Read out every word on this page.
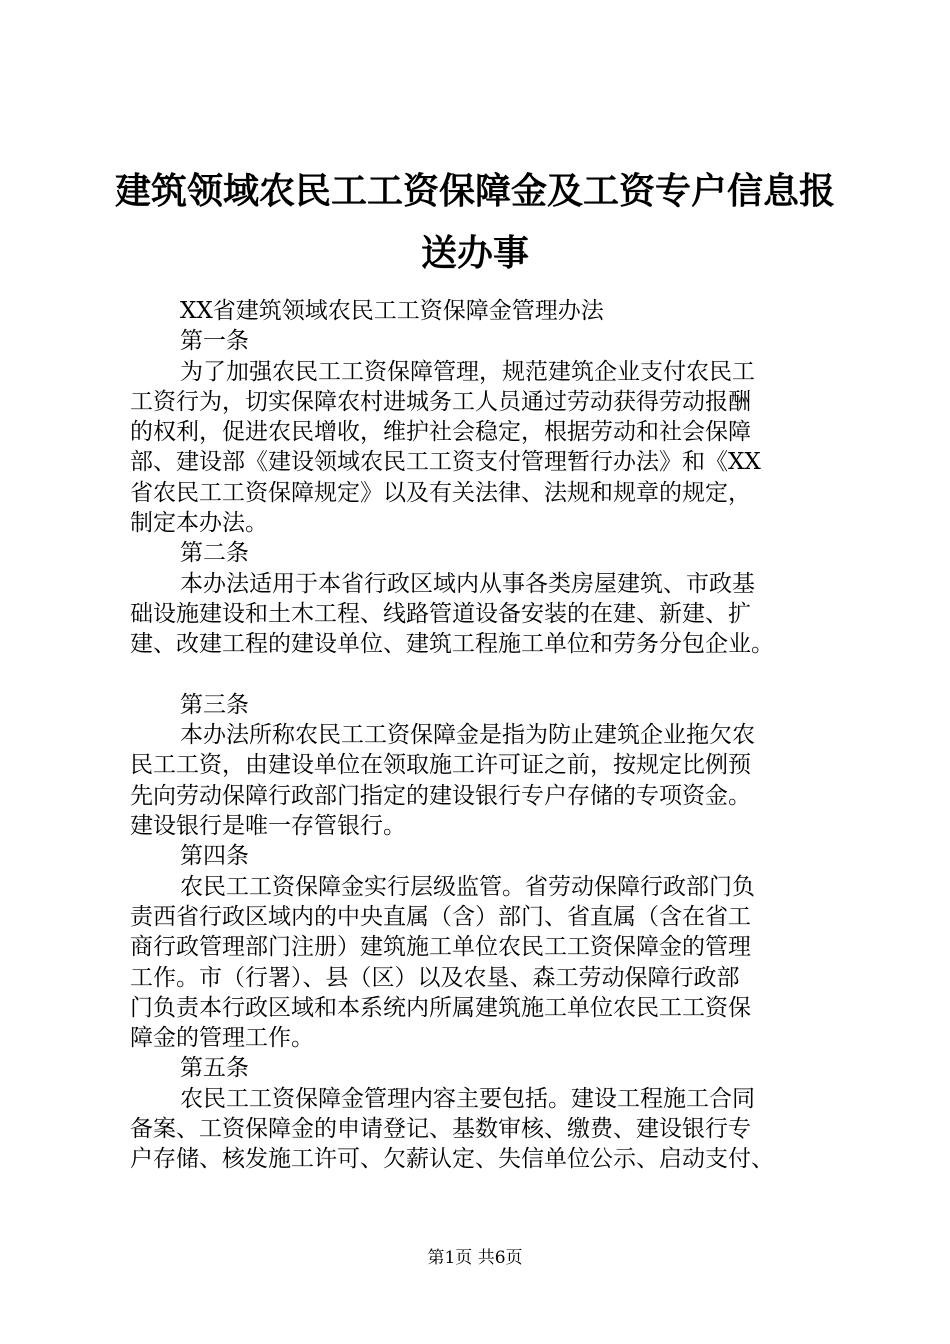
建筑领域农民工工资保障金及工资专户信息报
送办事
XX省建筑领域农民工工资保障金管理办法
第一条
为了加强农民工工资保障管理，规范建筑企业支付农民工
工资行为，切实保障农村进城务工人员通过劳动获得劳动报酬
的权利，促进农民增收，维护社会稳定，根据劳动和社会保障
部、建设部《建设领域农民工工资支付管理暂行办法》和《XX
省农民工工资保障规定》以及有关法律、法规和规章的规定，
制定本办法。
第二条
本办法适用于本省行政区域内从事各类房屋建筑、市政基
础设施建设和土木工程、线路管道设备安装的在建、新建、扩
建、改建工程的建设单位、建筑工程施工单位和劳务分包企业。
第三条
本办法所称农民工工资保障金是指为防止建筑企业拖欠农
民工工资，由建设单位在领取施工许可证之前，按规定比例预
先向劳动保障行政部门指定的建设银行专户存储的专项资金。
建设银行是唯一存管银行。
第四条
农民工工资保障金实行层级监管。省劳动保障行政部门负
责西省行政区域内的中央直属（含）部门、省直属（含在省工
商行政管理部门注册）建筑施工单位农民工工资保障金的管理
工作。市（行署）、县（区）以及农垦、森工劳动保障行政部
门负责本行政区域和本系统内所属建筑施工单位农民工工资保
障金的管理工作。
第五条
农民工工资保障金管理内容主要包括。建设工程施工合同
备案、工资保障金的申请登记、基数审核、缴费、建设银行专
户存储、核发施工许可、欠薪认定、失信单位公示、启动支付、
第1页 共6页
